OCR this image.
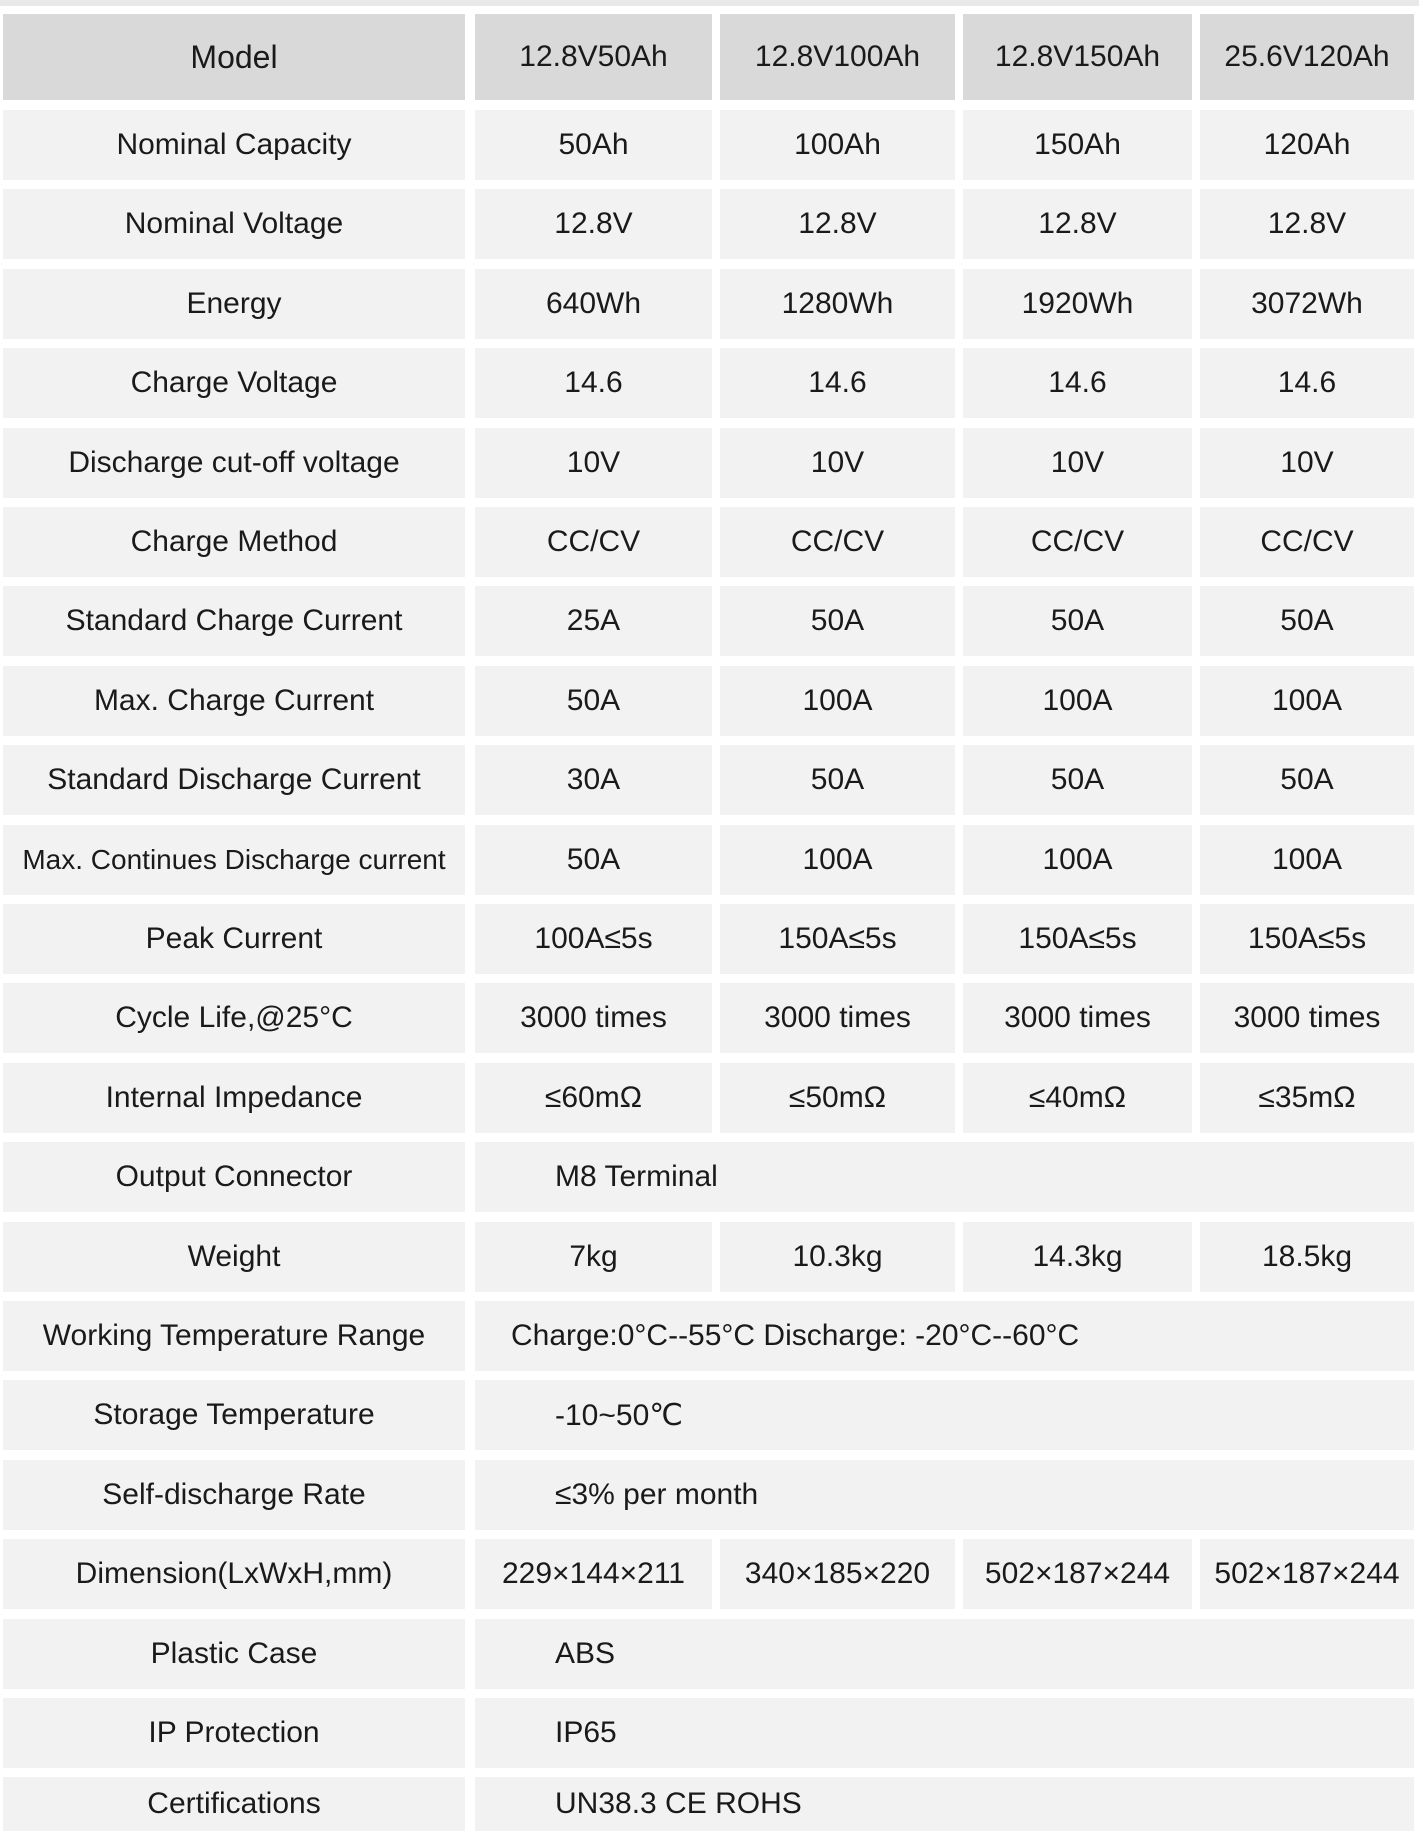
Model	12.8V50Ah	12.8V100Ah 12.8V150Ah 25.6V120Ah
Nominal Capacity	50Ah	100Ah	150Ah	120Ah
Nominal Voltage	12.8V	12.8V	12.8V	12.8V
Energy	640Wh	1280Wh	1920Wh	3072Wh
Charge Voltage	14.6	14.6	14.6	14.6
Discharge cut-off voltage	10V	10V	10V	10V
Charge Method	CC/CV	CC/CV	CC/CV	CC/CV
Standard Charge Current	25A	50A	50A	50A
Max. Charge Current	50A	100A	100A	100A
Standard Discharge Current	30A	50A	50A	50A
Max. Continues Discharge current	50A	100A	100A	100A
Peak Current	100A≤5s	150A≤5s	150A≤5s	150A≤5s
Cycle Life,@25°C	3000 times	3000 times	3000 times	3000 times
Internal Impedance	≤60mΩ	≤50mΩ	≤40mΩ	≤35mΩ
Output Connector	M8 Terminal
Weight	7kg	10.3kg	14.3kg	18.5kg
Working Temperature Range	Charge:0°C--55°C Discharge: -20°C--60°C
Storage Temperature	-10~50℃
Self-discharge Rate	≤3% per month
Dimension(LxWxH,mm)	229×144×211 340×185×220 502×187×244 502×187×244
Plastic Case	ABS
IP Protection	IP65
Certifications	UN38.3 CE ROHS
